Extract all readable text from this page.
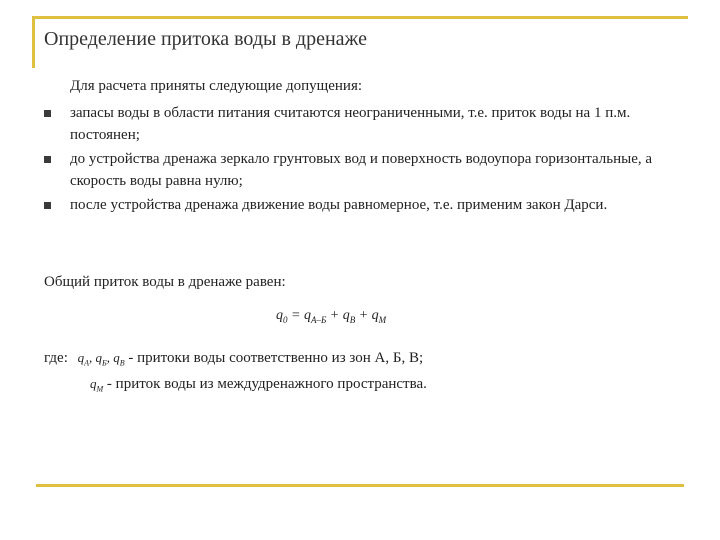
Определение притока воды в дренаже
Для расчета приняты следующие допущения:
запасы воды в области питания считаются неограниченными, т.е. приток воды на 1 п.м. постоянен;
до устройства дренажа зеркало грунтовых вод и поверхность водоупора горизонтальные, а скорость воды равна нулю;
после устройства дренажа движение воды равномерное, т.е. применим закон Дарси.
Общий приток воды в дренаже равен:
$q_0 = q_{А-Б} + q_В + q_М$
где: $q_А$, $q_Б$, $q_В$ - притоки воды соответственно из зон А, Б, В;
$q_М$ - приток воды из междудренажного пространства.
